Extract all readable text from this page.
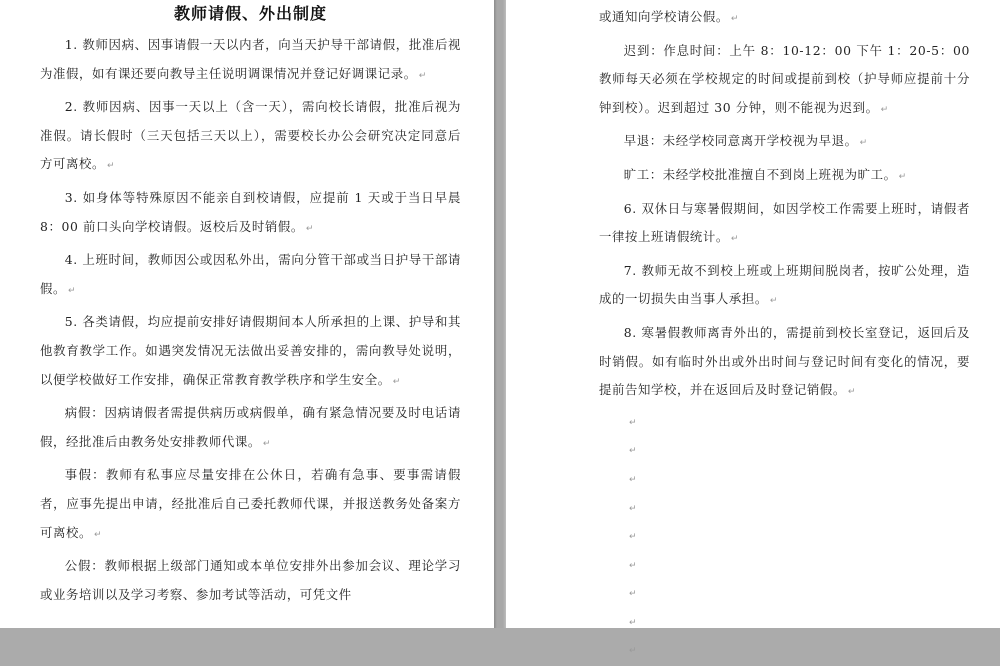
教师请假、外出制度

1. 教师因病、因事请假一天以内者，向当天护导干部请假，批准后视为准假，如有课还要向教导主任说明调课情况并登记好调课记录。 ↵

2. 教师因病、因事一天以上（含一天），需向校长请假，批准后视为准假。请长假时（三天包括三天以上），需要校长办公会研究决定同意后方可离校。 ↵

3. 如身体等特殊原因不能亲自到校请假，应提前 1 天或于当日早晨 8：00 前口头向学校请假。返校后及时销假。 ↵

4. 上班时间，教师因公或因私外出，需向分管干部或当日护导干部请假。 ↵

5. 各类请假，均应提前安排好请假期间本人所承担的上课、护导和其他教育教学工作。如遇突发情况无法做出妥善安排的，需向教导处说明，以便学校做好工作安排，确保正常教育教学秩序和学生安全。 ↵

病假：因病请假者需提供病历或病假单，确有紧急情况要及时电话请假，经批准后由教务处安排教师代课。 ↵

事假：教师有私事应尽量安排在公休日，若确有急事、要事需请假者，应事先提出申请，经批准后自己委托教师代课，并报送教务处备案方可离校。 ↵

公假：教师根据上级部门通知或本单位安排外出参加会议、理论学习或业务培训以及学习考察、参加考试等活动，可凭文件

或通知向学校请公假。 ↵

迟到：作息时间：上午 8：10-12：00 下午 1：20-5：00 教师每天必须在学校规定的时间或提前到校（护导师应提前十分钟到校）。迟到超过 30 分钟，则不能视为迟到。 ↵

早退：未经学校同意离开学校视为早退。 ↵

旷工：未经学校批准擅自不到岗上班视为旷工。 ↵

6. 双休日与寒暑假期间，如因学校工作需要上班时，请假者一律按上班请假统计。 ↵

7. 教师无故不到校上班或上班期间脱岗者，按旷公处理，造成的一切损失由当事人承担。 ↵

8. 寒暑假教师离青外出的，需提前到校长室登记，返回后及时销假。如有临时外出或外出时间与登记时间有变化的情况，要提前告知学校，并在返回后及时登记销假。 ↵

↵

↵

↵

↵

↵

↵

↵

↵

↵
